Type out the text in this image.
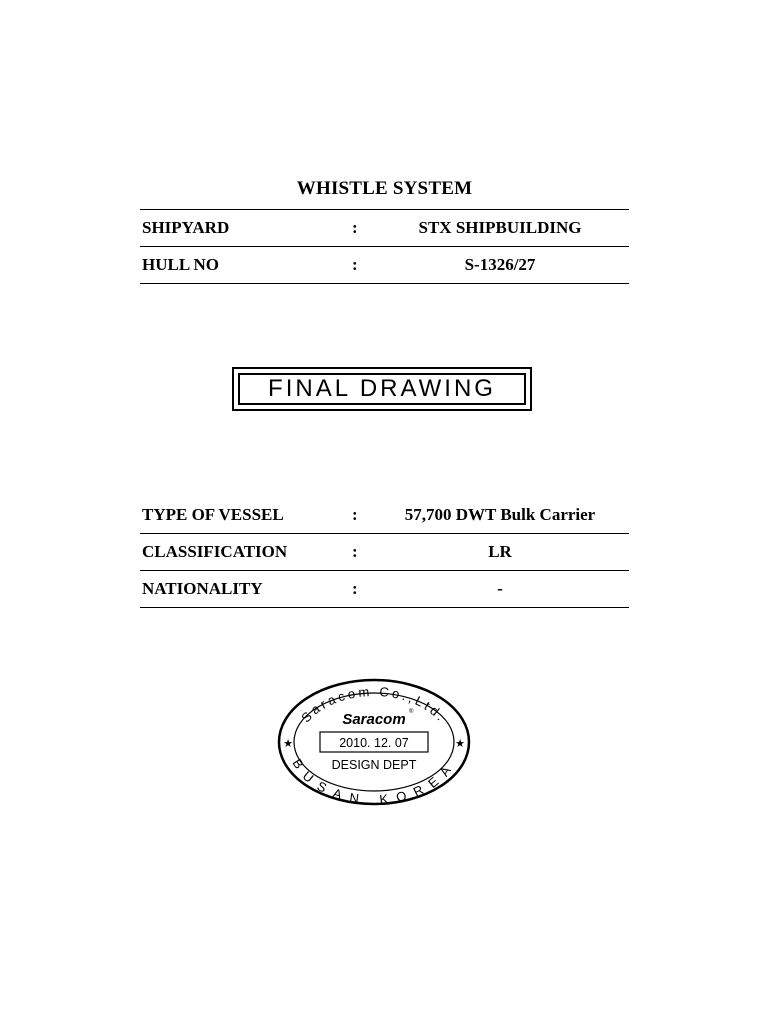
WHISTLE SYSTEM
SHIPYARD	:	STX SHIPBUILDING
HULL NO	:	S-1326/27
FINAL DRAWING
TYPE OF VESSEL	:	57,700 DWT Bulk Carrier
CLASSIFICATION	:	LR
NATIONALITY	:	-
Saracom Co.,Ltd.
Saracom ®
2010. 12. 07
DESIGN DEPT
★	★
BUSAN KOREA
